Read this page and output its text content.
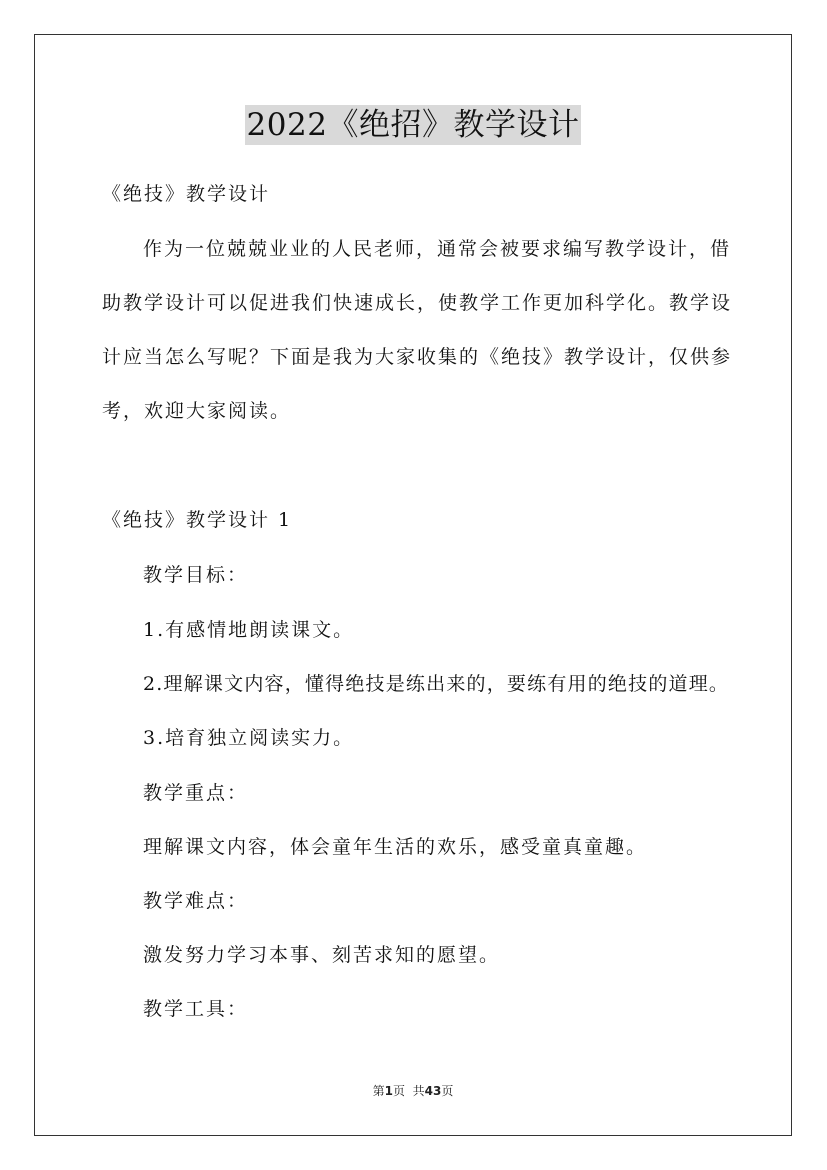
2022《绝招》教学设计
《绝技》教学设计
作为一位兢兢业业的人民老师，通常会被要求编写教学设计，借
助教学设计可以促进我们快速成长，使教学工作更加科学化。教学设
计应当怎么写呢？下面是我为大家收集的《绝技》教学设计，仅供参
考，欢迎大家阅读。
《绝技》教学设计 1
教学目标：
1.有感情地朗读课文。
2.理解课文内容，懂得绝技是练出来的，要练有用的绝技的道理。
3.培育独立阅读实力。
教学重点：
理解课文内容，体会童年生活的欢乐，感受童真童趣。
教学难点：
激发努力学习本事、刻苦求知的愿望。
教学工具：
第1页 共43页
